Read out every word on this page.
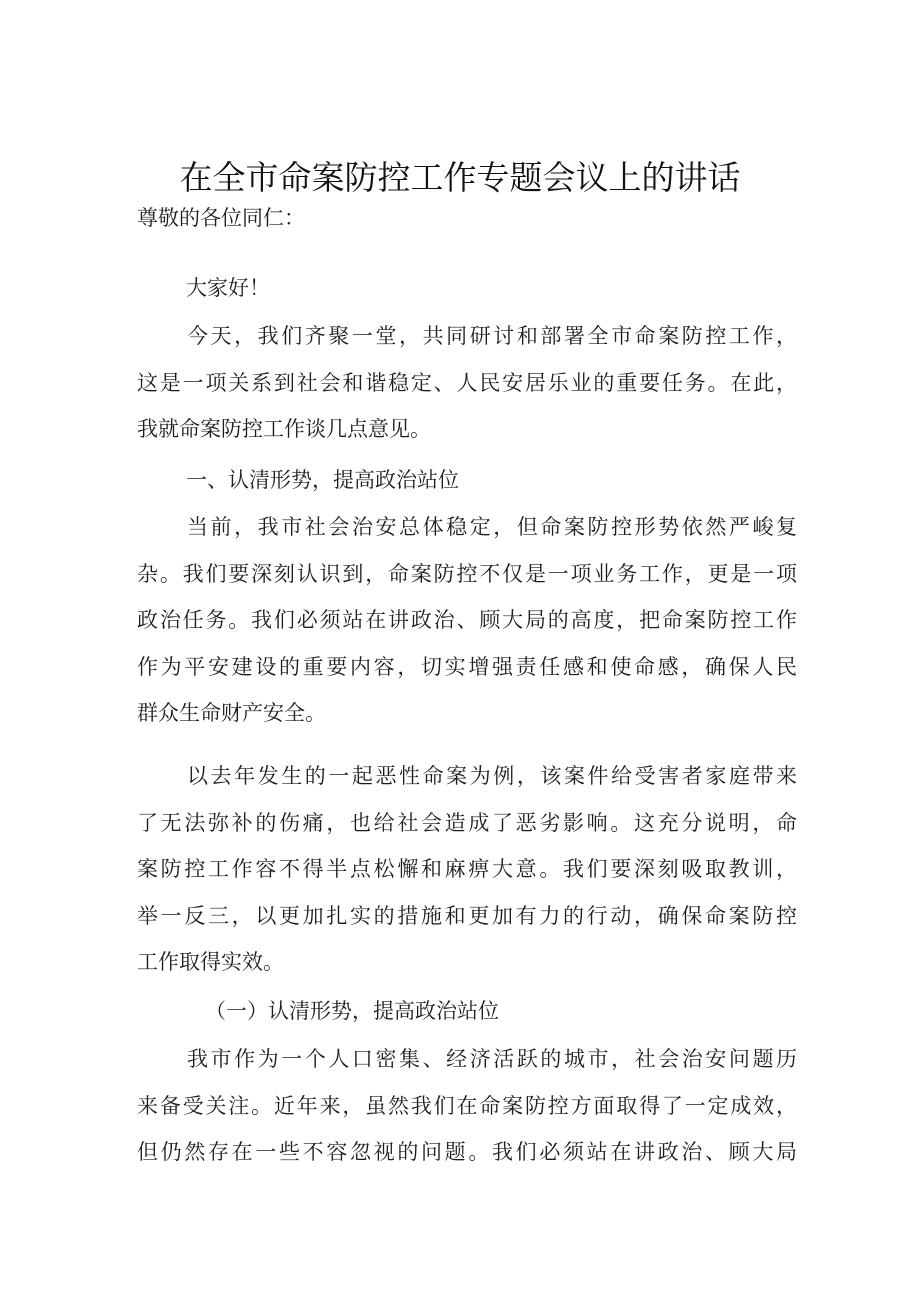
在全市命案防控工作专题会议上的讲话
尊敬的各位同仁：
大家好！
今天，我们齐聚一堂，共同研讨和部署全市命案防控工作，
这是一项关系到社会和谐稳定、人民安居乐业的重要任务。在此，
我就命案防控工作谈几点意见。
一、认清形势，提高政治站位
当前，我市社会治安总体稳定，但命案防控形势依然严峻复
杂。我们要深刻认识到，命案防控不仅是一项业务工作，更是一项
政治任务。我们必须站在讲政治、顾大局的高度，把命案防控工作
作为平安建设的重要内容，切实增强责任感和使命感，确保人民
群众生命财产安全。
以去年发生的一起恶性命案为例，该案件给受害者家庭带来
了无法弥补的伤痛，也给社会造成了恶劣影响。这充分说明，命
案防控工作容不得半点松懈和麻痹大意。我们要深刻吸取教训，
举一反三，以更加扎实的措施和更加有力的行动，确保命案防控
工作取得实效。
（一）认清形势，提高政治站位
我市作为一个人口密集、经济活跃的城市，社会治安问题历
来备受关注。近年来，虽然我们在命案防控方面取得了一定成效，
但仍然存在一些不容忽视的问题。我们必须站在讲政治、顾大局
